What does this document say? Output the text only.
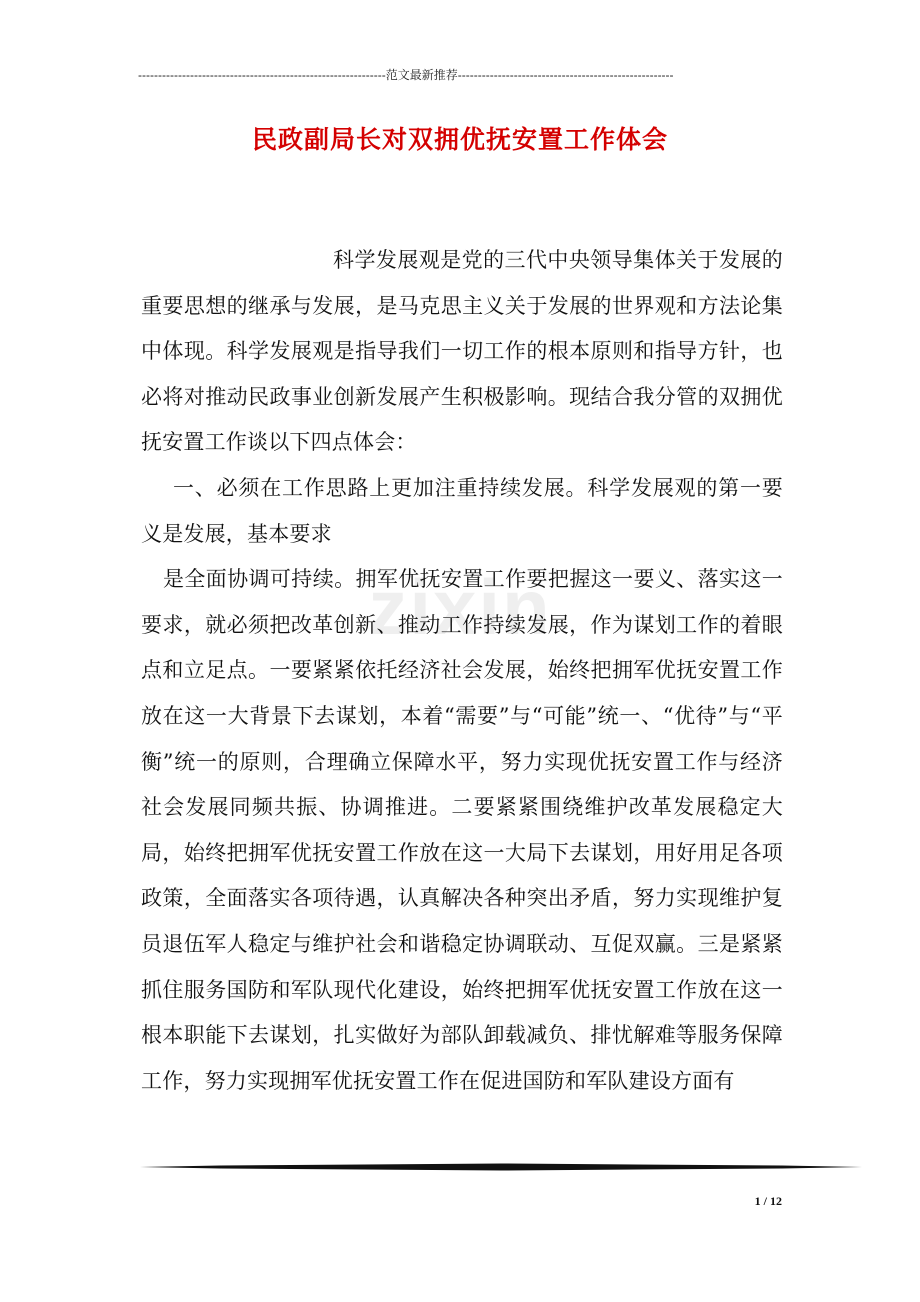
--------------------------------------------------------------范文最新推荐------------------------------------------------------
民政副局长对双拥优抚安置工作体会
zixin

科学发展观是党的三代中央领导集体关于发展的重要思想的继承与发展，是马克思主义关于发展的世界观和方法论集中体现。科学发展观是指导我们一切工作的根本原则和指导方针，也必将对推动民政事业创新发展产生积极影响。现结合我分管的双拥优抚安置工作谈以下四点体会：

一、必须在工作思路上更加注重持续发展。科学发展观的第一要义是发展，基本要求

是全面协调可持续。拥军优抚安置工作要把握这一要义、落实这一要求，就必须把改革创新、推动工作持续发展，作为谋划工作的着眼点和立足点。一要紧紧依托经济社会发展，始终把拥军优抚安置工作放在这一大背景下去谋划，本着“需要”与“可能”统一、“优待”与“平衡”统一的原则，合理确立保障水平，努力实现优抚安置工作与经济社会发展同频共振、协调推进。二要紧紧围绕维护改革发展稳定大局，始终把拥军优抚安置工作放在这一大局下去谋划，用好用足各项政策，全面落实各项待遇，认真解决各种突出矛盾，努力实现维护复员退伍军人稳定与维护社会和谐稳定协调联动、互促双赢。三是紧紧抓住服务国防和军队现代化建设，始终把拥军优抚安置工作放在这一根本职能下去谋划，扎实做好为部队卸载减负、排忧解难等服务保障工作，努力实现拥军优抚安置工作在促进国防和军队建设方面有

1 / 12
